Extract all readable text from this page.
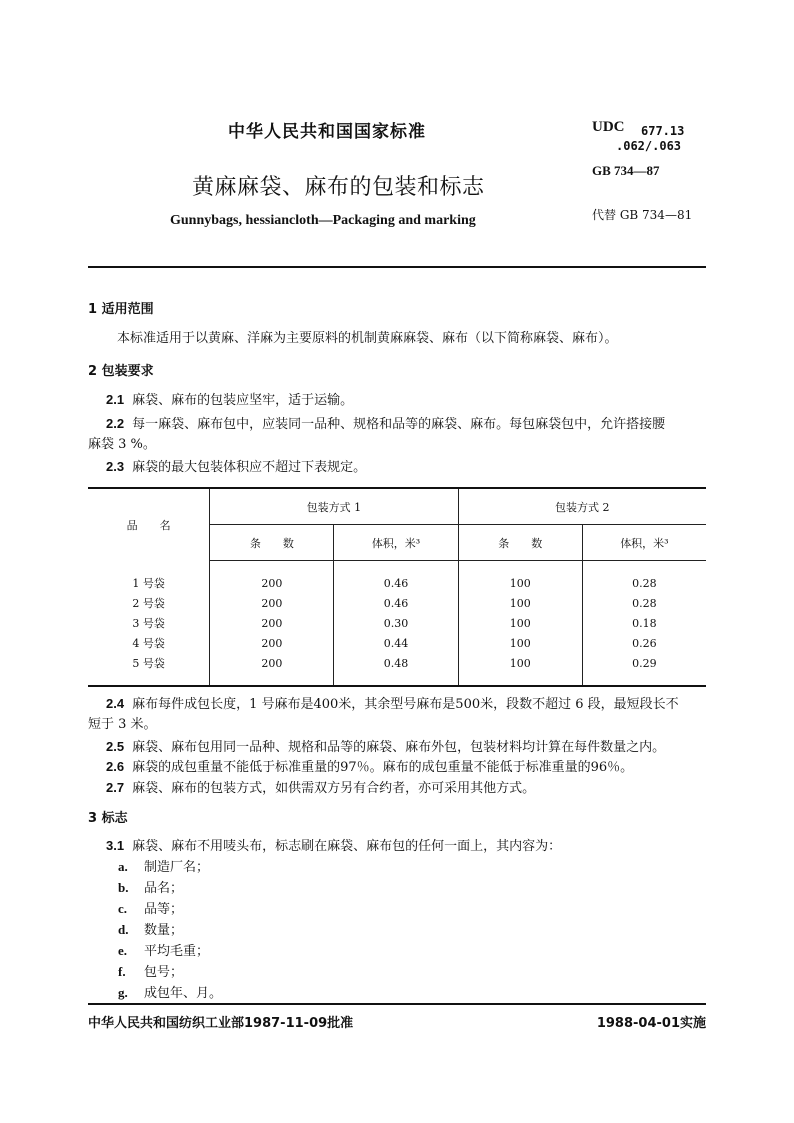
中华人民共和国国家标准
黄麻麻袋、麻布的包装和标志
Gunnybags, hessiancloth—Packaging and marking
UDC 677.13
.062/.063
GB 734—87
代替 GB 734—81
1 适用范围
本标准适用于以黄麻、洋麻为主要原料的机制黄麻麻袋、麻布（以下简称麻袋、麻布）。
2 包装要求
2.1 麻袋、麻布的包装应坚牢，适于运输。
2.2 每一麻袋、麻布包中，应装同一品种、规格和品等的麻袋、麻布。每包麻袋包中，允许搭接腰
麻袋 3 %。
2.3 麻袋的最大包装体积应不超过下表规定。
品　　名	包装方式 1		包装方式 2	
	条　　数	体积，米³	条　　数	体积，米³

1 号袋	200	0.46	100	0.28
2 号袋	200	0.46	100	0.28
3 号袋	200	0.30	100	0.18
4 号袋	200	0.44	100	0.26
5 号袋	200	0.48	100	0.29

2.4 麻布每件成包长度，1 号麻布是400米，其余型号麻布是500米，段数不超过 6 段，最短段长不
短于 3 米。
2.5 麻袋、麻布包用同一品种、规格和品等的麻袋、麻布外包，包装材料均计算在每件数量之内。
2.6 麻袋的成包重量不能低于标准重量的97％。麻布的成包重量不能低于标准重量的96％。
2.7 麻袋、麻布的包装方式，如供需双方另有合约者，亦可采用其他方式。
3 标志
3.1 麻袋、麻布不用唛头布，标志刷在麻袋、麻布包的任何一面上，其内容为：
a. 制造厂名；
b. 品名；
c. 品等；
d. 数量；
e. 平均毛重；
f. 包号；
g. 成包年、月。
中华人民共和国纺织工业部1987-11-09批准	1988-04-01实施
